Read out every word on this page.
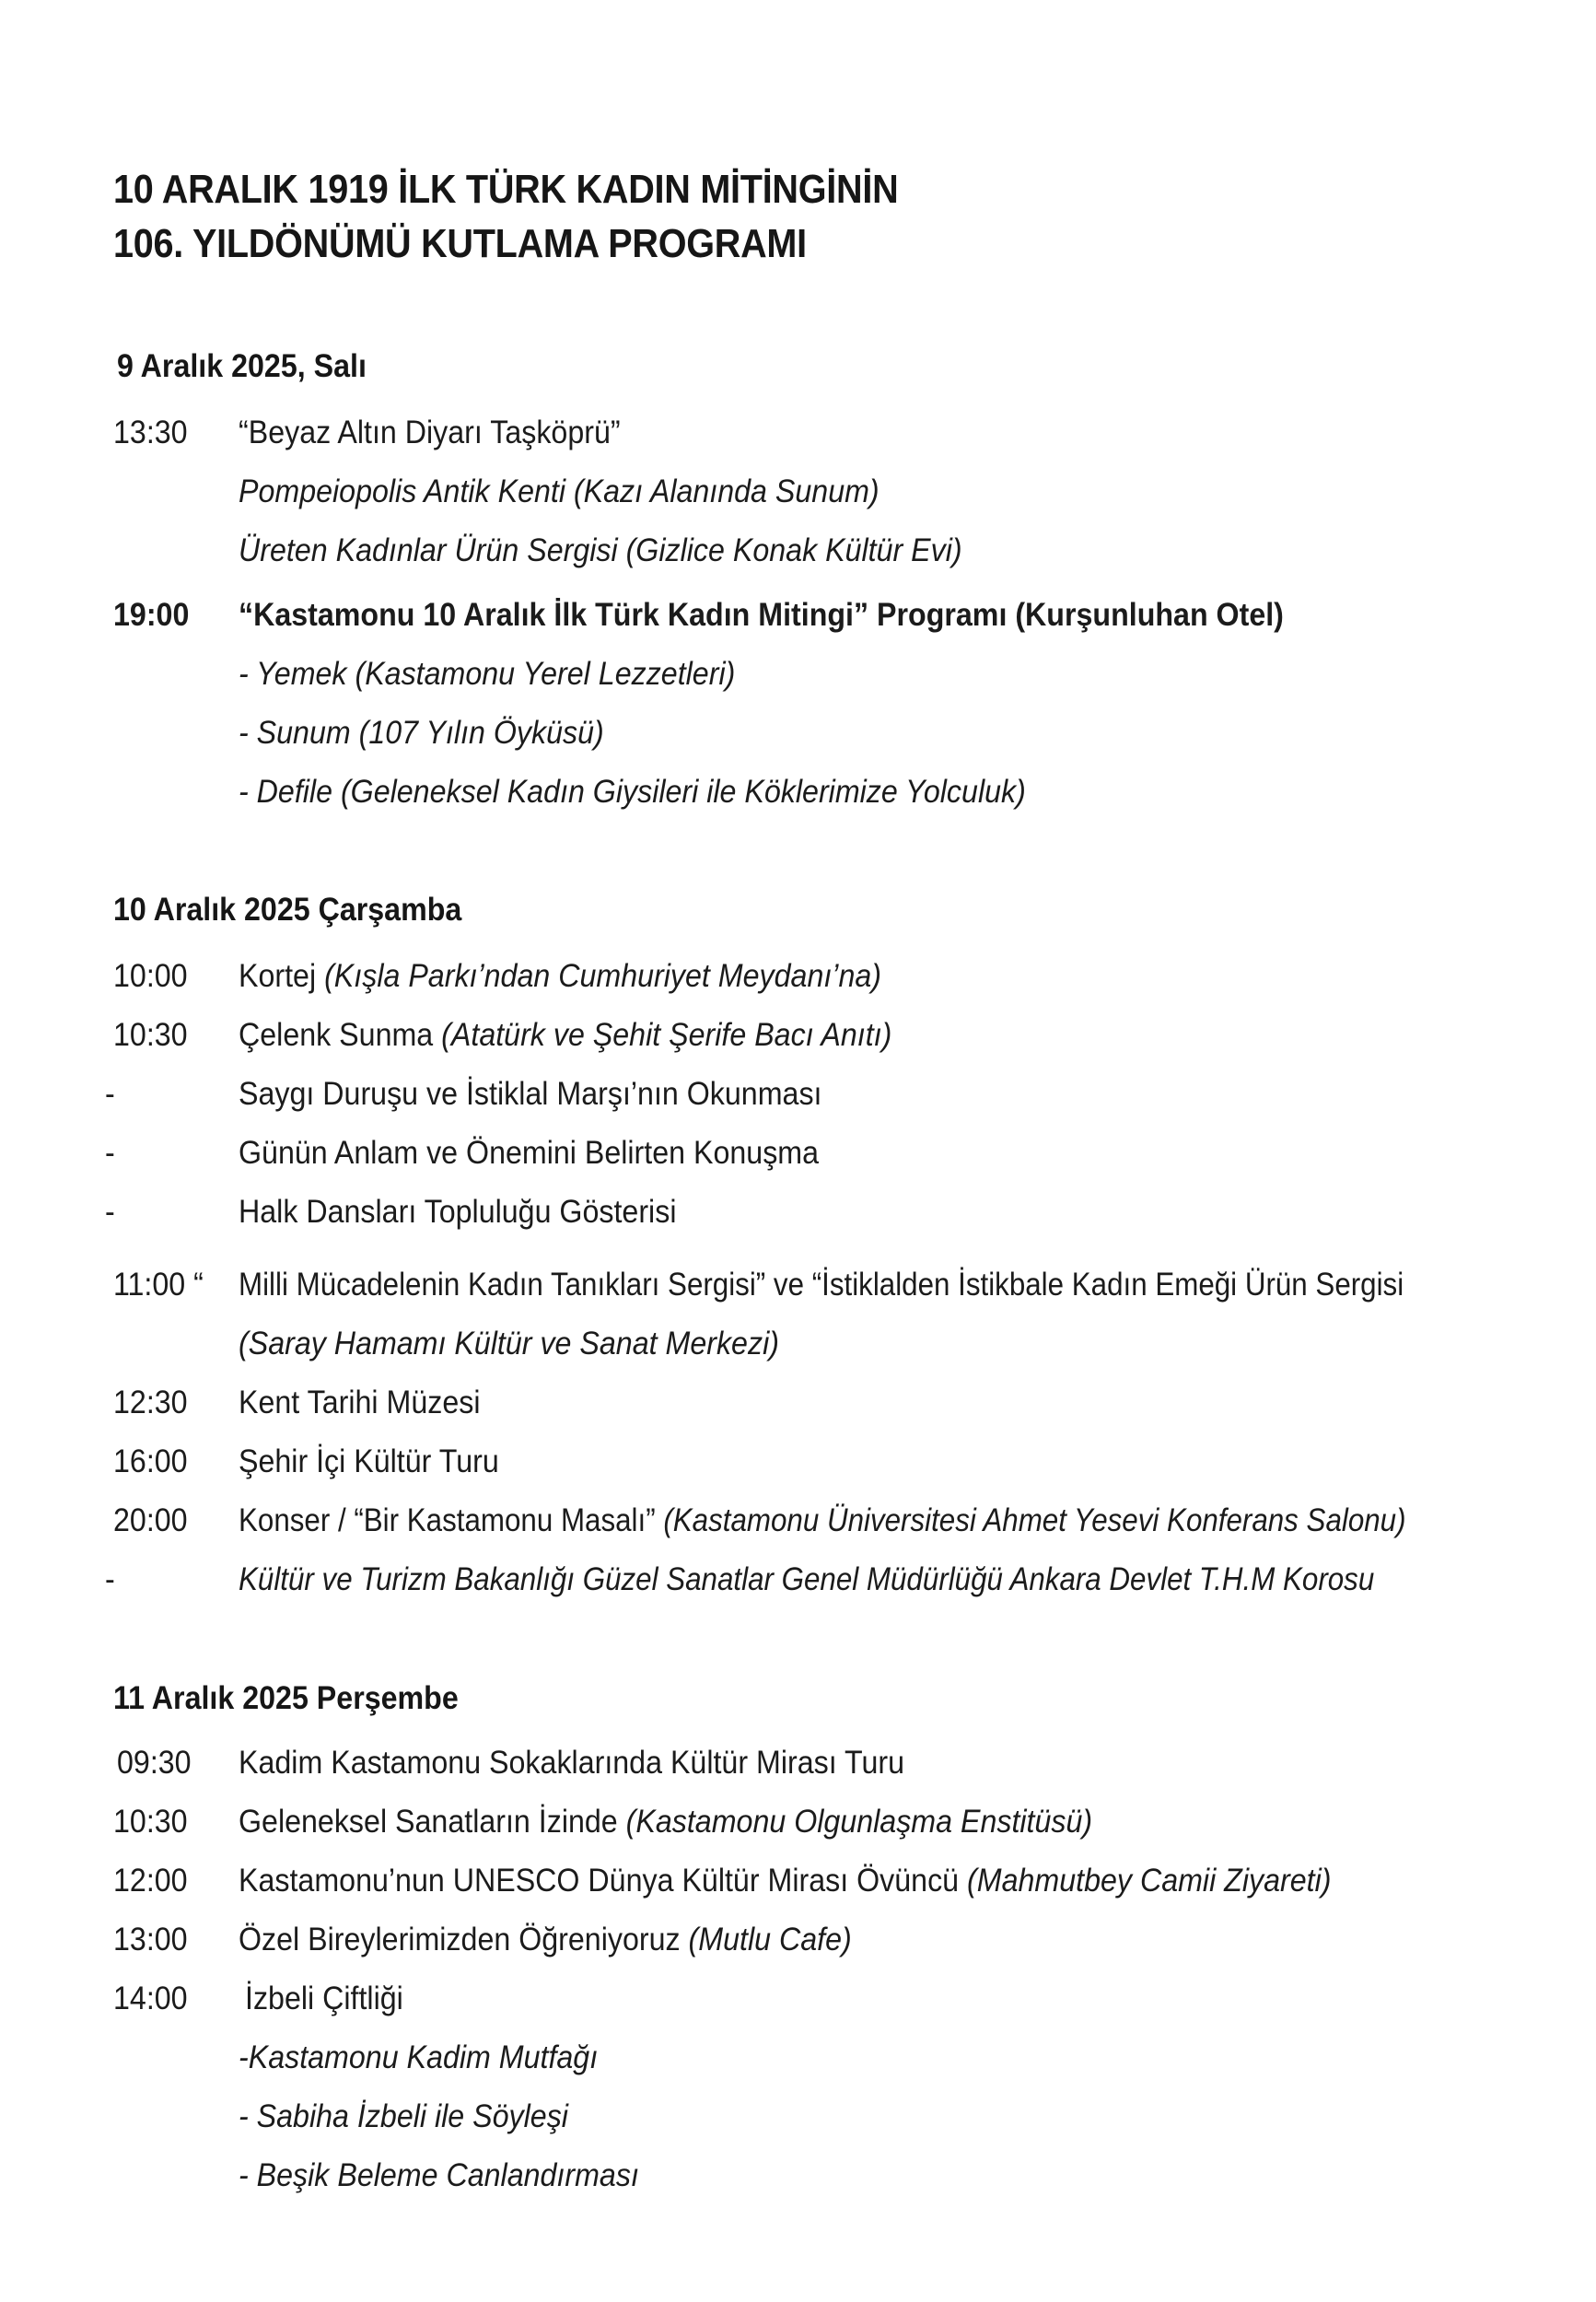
10 ARALIK 1919 İLK TÜRK KADIN MİTİNGİNİN
106. YILDÖNÜMÜ KUTLAMA PROGRAMI
9 Aralık 2025, Salı
13:30	“Beyaz Altın Diyarı Taşköprü”
Pompeiopolis Antik Kenti (Kazı Alanında Sunum)
Üreten Kadınlar Ürün Sergisi (Gizlice Konak Kültür Evi)
19:00	“Kastamonu 10 Aralık İlk Türk Kadın Mitingi” Programı (Kurşunluhan Otel)
- Yemek (Kastamonu Yerel Lezzetleri)
- Sunum (107 Yılın Öyküsü)
- Defile (Geleneksel Kadın Giysileri ile Köklerimize Yolculuk)
10 Aralık 2025 Çarşamba
10:00	Kortej (Kışla Parkı’ndan Cumhuriyet Meydanı’na)
10:30	Çelenk Sunma (Atatürk ve Şehit Şerife Bacı Anıtı)
-	Saygı Duruşu ve İstiklal Marşı’nın Okunması
-	Günün Anlam ve Önemini Belirten Konuşma
-	Halk Dansları Topluluğu Gösterisi
11:00 “	Milli Mücadelenin Kadın Tanıkları Sergisi” ve “İstiklalden İstikbale Kadın Emeği Ürün Sergisi
(Saray Hamamı Kültür ve Sanat Merkezi)
12:30	Kent Tarihi Müzesi
16:00	Şehir İçi Kültür Turu
20:00	Konser / “Bir Kastamonu Masalı” (Kastamonu Üniversitesi Ahmet Yesevi Konferans Salonu)
-	Kültür ve Turizm Bakanlığı Güzel Sanatlar Genel Müdürlüğü Ankara Devlet T.H.M Korosu
11 Aralık 2025 Perşembe
09:30	Kadim Kastamonu Sokaklarında Kültür Mirası Turu
10:30	Geleneksel Sanatların İzinde (Kastamonu Olgunlaşma Enstitüsü)
12:00	Kastamonu’nun UNESCO Dünya Kültür Mirası Övüncü (Mahmutbey Camii Ziyareti)
13:00	Özel Bireylerimizden Öğreniyoruz (Mutlu Cafe)
14:00	İzbeli Çiftliği
-Kastamonu Kadim Mutfağı
- Sabiha İzbeli ile Söyleşi
- Beşik Beleme Canlandırması
